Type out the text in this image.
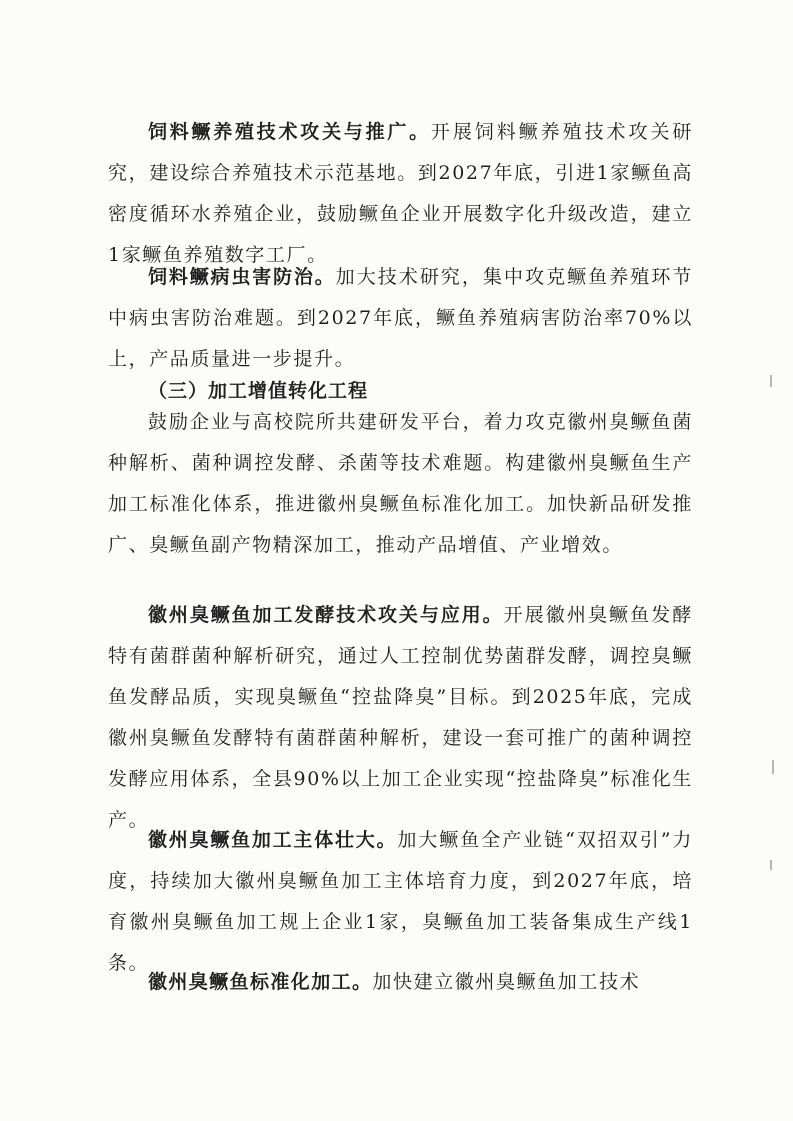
饲料鳜养殖技术攻关与推广。开展饲料鳜养殖技术攻关研究，建设综合养殖技术示范基地。到2027年底，引进1家鳜鱼高密度循环水养殖企业，鼓励鳜鱼企业开展数字化升级改造，建立1家鳜鱼养殖数字工厂。

饲料鳜病虫害防治。加大技术研究，集中攻克鳜鱼养殖环节中病虫害防治难题。到2027年底，鳜鱼养殖病害防治率70%以上，产品质量进一步提升。

（三）加工增值转化工程

鼓励企业与高校院所共建研发平台，着力攻克徽州臭鳜鱼菌种解析、菌种调控发酵、杀菌等技术难题。构建徽州臭鳜鱼生产加工标准化体系，推进徽州臭鳜鱼标准化加工。加快新品研发推广、臭鳜鱼副产物精深加工，推动产品增值、产业增效。

徽州臭鳜鱼加工发酵技术攻关与应用。开展徽州臭鳜鱼发酵特有菌群菌种解析研究，通过人工控制优势菌群发酵，调控臭鳜鱼发酵品质，实现臭鳜鱼“控盐降臭”目标。到2025年底，完成徽州臭鳜鱼发酵特有菌群菌种解析，建设一套可推广的菌种调控发酵应用体系，全县90%以上加工企业实现“控盐降臭”标准化生产。

徽州臭鳜鱼加工主体壮大。加大鳜鱼全产业链“双招双引”力度，持续加大徽州臭鳜鱼加工主体培育力度，到2027年底，培育徽州臭鳜鱼加工规上企业1家，臭鳜鱼加工装备集成生产线1条。

徽州臭鳜鱼标准化加工。加快建立徽州臭鳜鱼加工技术
